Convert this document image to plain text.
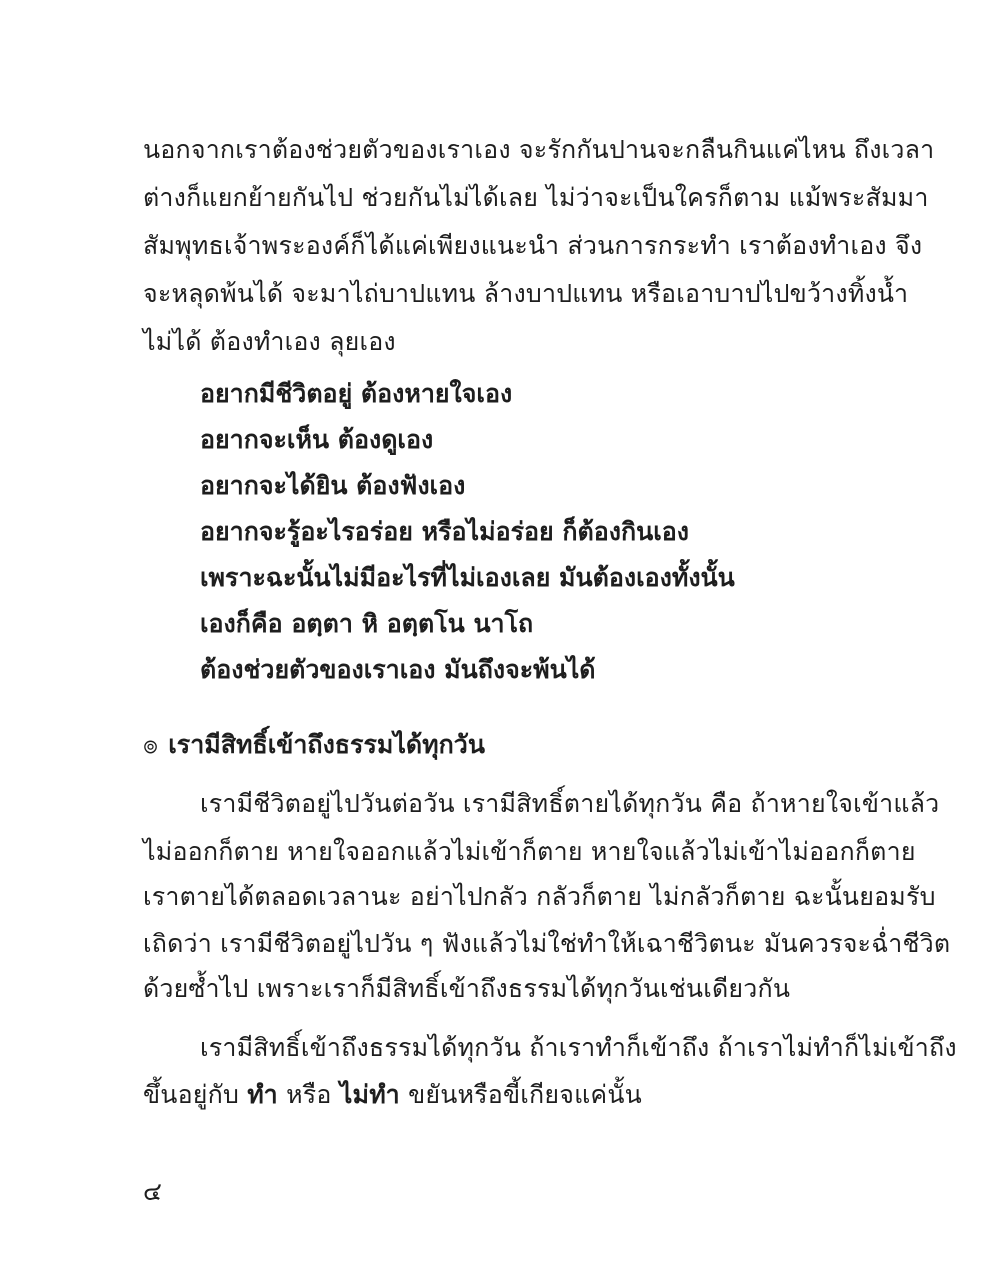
นอกจากเราต้องช่วยตัวของเราเอง จะรักกันปานจะกลืนกินแค่ไหน ถึงเวลา
ต่างก็แยกย้ายกันไป ช่วยกันไม่ได้เลย ไม่ว่าจะเป็นใครก็ตาม แม้พระสัมมา
สัมพุทธเจ้าพระองค์ก็ได้แค่เพียงแนะนำ ส่วนการกระทำ เราต้องทำเอง จึง
จะหลุดพ้นได้ จะมาไถ่บาปแทน ล้างบาปแทน หรือเอาบาปไปขว้างทิ้งน้ำ
ไม่ได้ ต้องทำเอง ลุยเอง
อยากมีชีวิตอยู่ ต้องหายใจเอง
อยากจะเห็น ต้องดูเอง
อยากจะได้ยิน ต้องฟังเอง
อยากจะรู้อะไรอร่อย หรือไม่อร่อย ก็ต้องกินเอง
เพราะฉะนั้นไม่มีอะไรที่ไม่เองเลย มันต้องเองทั้งนั้น
เองก็คือ อตฺตา หิ อตฺตโน นาโถ
ต้องช่วยตัวของเราเอง มันถึงจะพ้นได้
๏ เรามีสิทธิ์เข้าถึงธรรมได้ทุกวัน
เรามีชีวิตอยู่ไปวันต่อวัน เรามีสิทธิ์ตายได้ทุกวัน คือ ถ้าหายใจเข้าแล้ว
ไม่ออกก็ตาย หายใจออกแล้วไม่เข้าก็ตาย หายใจแล้วไม่เข้าไม่ออกก็ตาย
เราตายได้ตลอดเวลานะ อย่าไปกลัว กลัวก็ตาย ไม่กลัวก็ตาย ฉะนั้นยอมรับ
เถิดว่า เรามีชีวิตอยู่ไปวัน ๆ ฟังแล้วไม่ใช่ทำให้เฉาชีวิตนะ มันควรจะฉ่ำชีวิต
ด้วยซ้ำไป เพราะเราก็มีสิทธิ์เข้าถึงธรรมได้ทุกวันเช่นเดียวกัน
เรามีสิทธิ์เข้าถึงธรรมได้ทุกวัน ถ้าเราทำก็เข้าถึง ถ้าเราไม่ทำก็ไม่เข้าถึง
ขึ้นอยู่กับ ทำ หรือ ไม่ทำ ขยันหรือขี้เกียจแค่นั้น
๔
